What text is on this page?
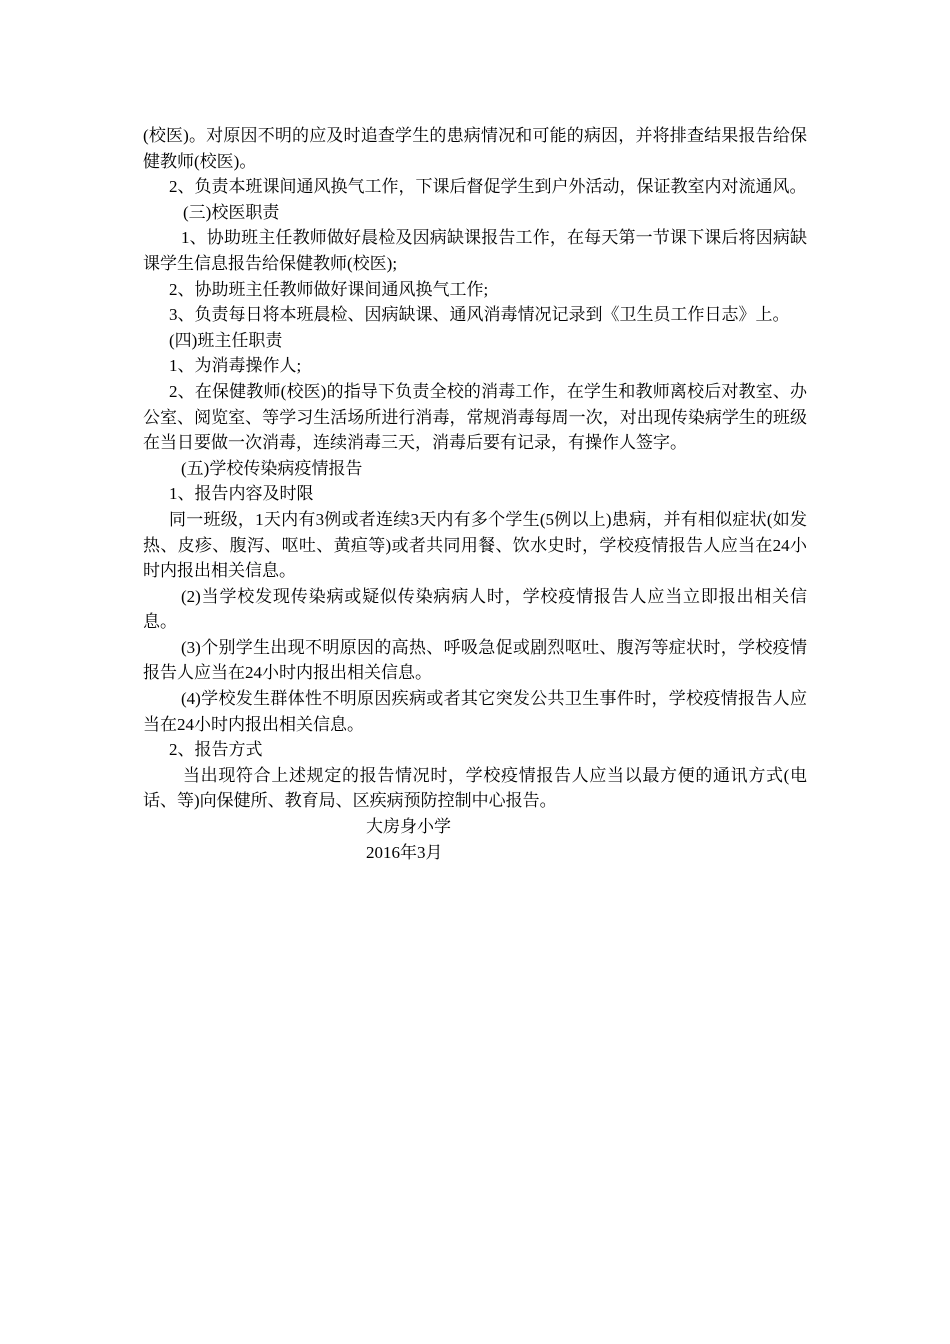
(校医)。对原因不明的应及时追查学生的患病情况和可能的病因，并将排查结果报告给保健教师(校医)。

2、负责本班课间通风换气工作，下课后督促学生到户外活动，保证教室内对流通风。

(三)校医职责

1、协助班主任教师做好晨检及因病缺课报告工作，在每天第一节课下课后将因病缺课学生信息报告给保健教师(校医);

2、协助班主任教师做好课间通风换气工作;

3、负责每日将本班晨检、因病缺课、通风消毒情况记录到《卫生员工作日志》上。

(四)班主任职责

1、为消毒操作人;

2、在保健教师(校医)的指导下负责全校的消毒工作，在学生和教师离校后对教室、办公室、阅览室、等学习生活场所进行消毒，常规消毒每周一次，对出现传染病学生的班级在当日要做一次消毒，连续消毒三天，消毒后要有记录，有操作人签字。

(五)学校传染病疫情报告

1、报告内容及时限

同一班级，1天内有3例或者连续3天内有多个学生(5例以上)患病，并有相似症状(如发热、皮疹、腹泻、呕吐、黄疸等)或者共同用餐、饮水史时，学校疫情报告人应当在24小时内报出相关信息。

(2)当学校发现传染病或疑似传染病病人时，学校疫情报告人应当立即报出相关信息。

(3)个别学生出现不明原因的高热、呼吸急促或剧烈呕吐、腹泻等症状时，学校疫情报告人应当在24小时内报出相关信息。

(4)学校发生群体性不明原因疾病或者其它突发公共卫生事件时，学校疫情报告人应当在24小时内报出相关信息。

2、报告方式

当出现符合上述规定的报告情况时，学校疫情报告人应当以最方便的通讯方式(电话、等)向保健所、教育局、区疾病预防控制中心报告。

大房身小学

2016年3月
